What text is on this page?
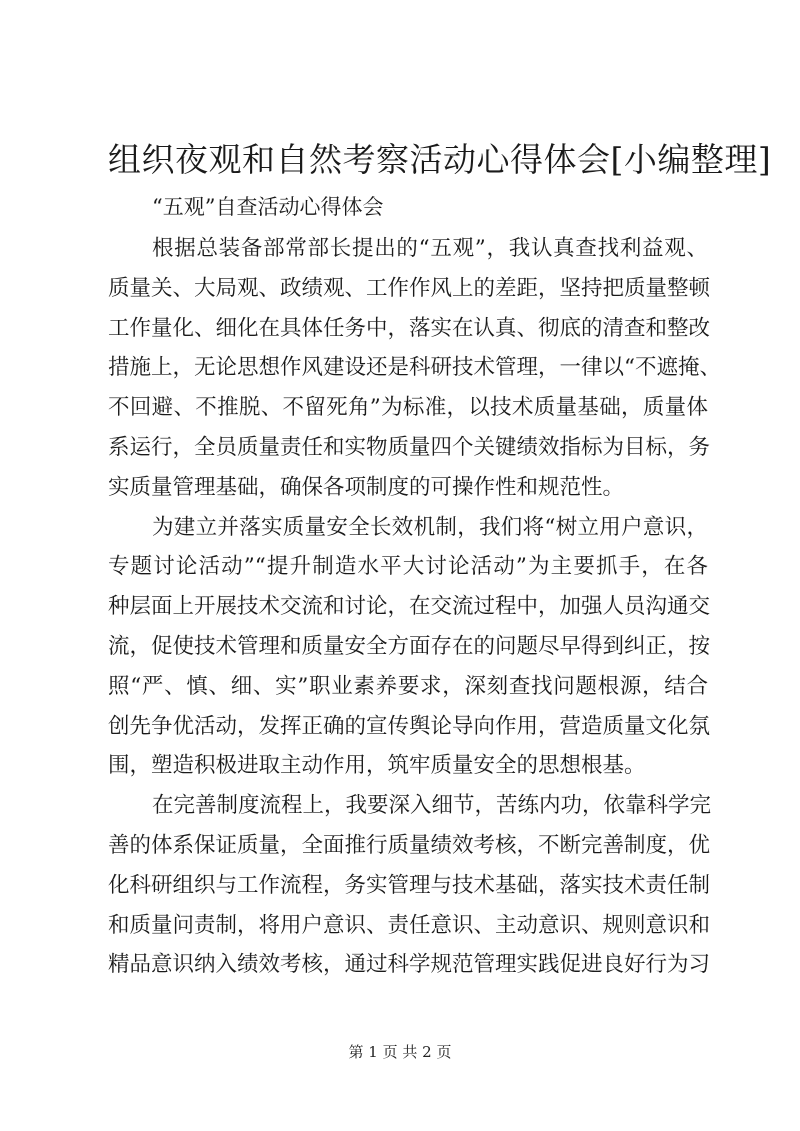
组织夜观和自然考察活动心得体会[小编整理]
“五观”自查活动心得体会
根据总装备部常部长提出的“五观”，我认真查找利益观、
质量关、大局观、政绩观、工作作风上的差距，坚持把质量整顿
工作量化、细化在具体任务中，落实在认真、彻底的清查和整改
措施上，无论思想作风建设还是科研技术管理，一律以“不遮掩、
不回避、不推脱、不留死角”为标准，以技术质量基础，质量体
系运行，全员质量责任和实物质量四个关键绩效指标为目标，务
实质量管理基础，确保各项制度的可操作性和规范性。
为建立并落实质量安全长效机制，我们将“树立用户意识，
专题讨论活动”“提升制造水平大讨论活动”为主要抓手，在各
种层面上开展技术交流和讨论，在交流过程中，加强人员沟通交
流，促使技术管理和质量安全方面存在的问题尽早得到纠正，按
照“严、慎、细、实”职业素养要求，深刻查找问题根源，结合
创先争优活动，发挥正确的宣传舆论导向作用，营造质量文化氛
围，塑造积极进取主动作用，筑牢质量安全的思想根基。
在完善制度流程上，我要深入细节，苦练内功，依靠科学完
善的体系保证质量，全面推行质量绩效考核，不断完善制度，优
化科研组织与工作流程，务实管理与技术基础，落实技术责任制
和质量问责制，将用户意识、责任意识、主动意识、规则意识和
精品意识纳入绩效考核，通过科学规范管理实践促进良好行为习
第 1 页 共 2 页
